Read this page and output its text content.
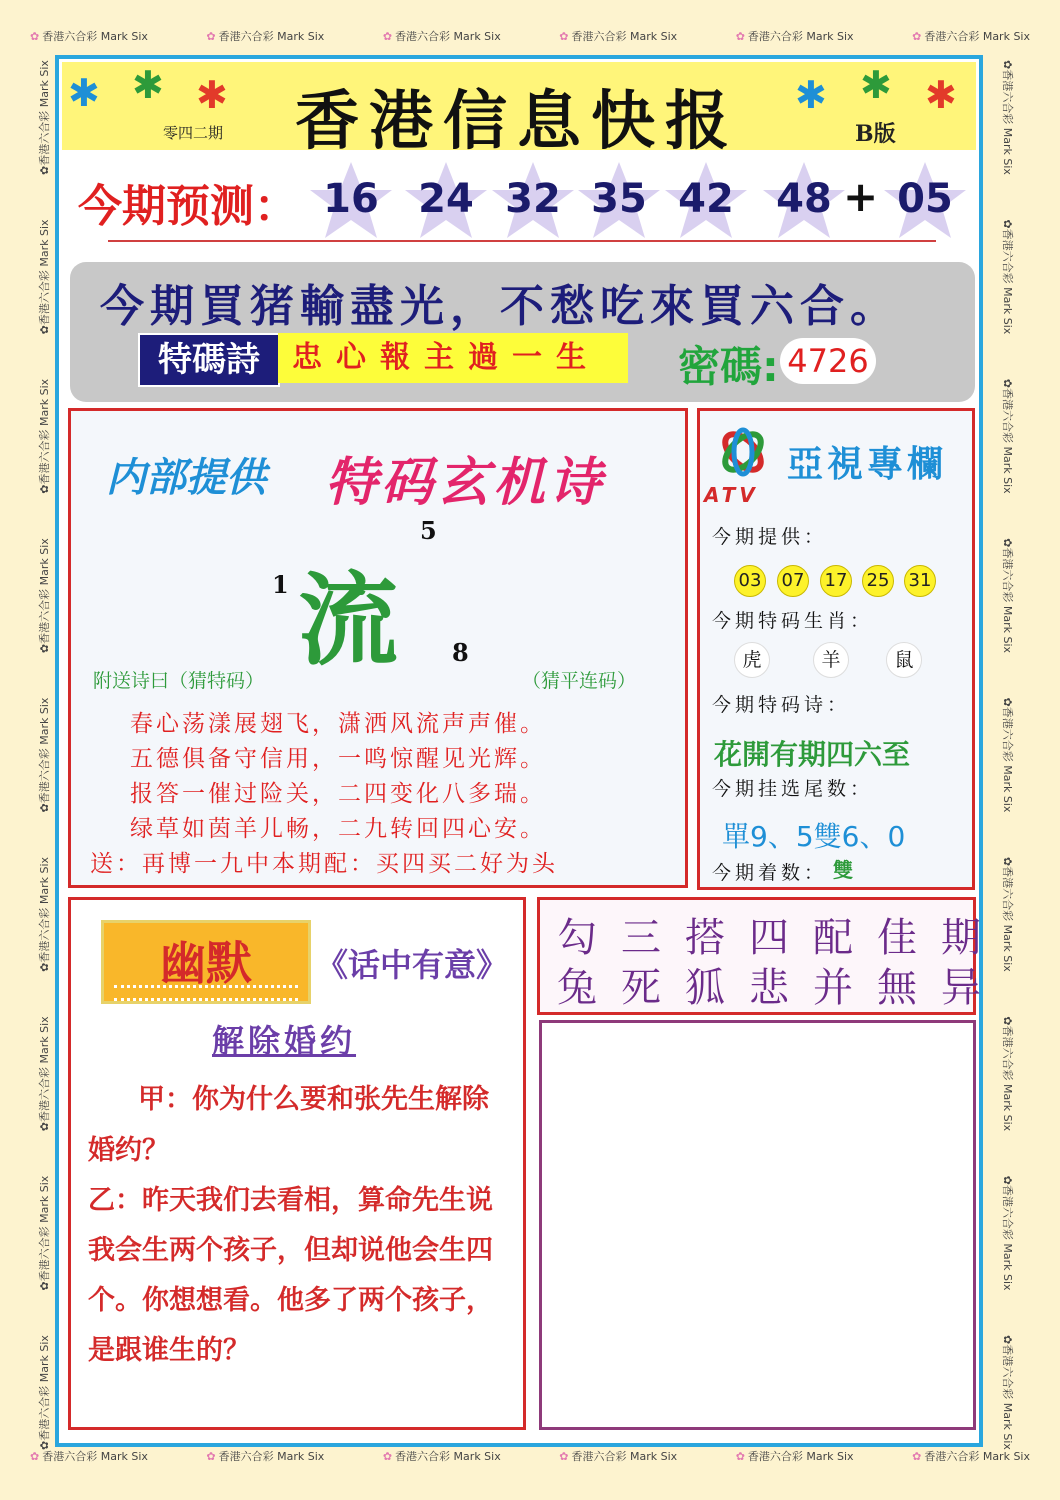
✿ 香港六合彩 Mark Six	✿ 香港六合彩 Mark Six	✿ 香港六合彩 Mark Six	✿ 香港六合彩 Mark Six	✿ 香港六合彩 Mark Six	✿ 香港六合彩 Mark Six
✿ 香港六合彩 Mark Six	✿ 香港六合彩 Mark Six	✿ 香港六合彩 Mark Six	✿ 香港六合彩 Mark Six	✿ 香港六合彩 Mark Six	✿ 香港六合彩 Mark Six
✿香港六合彩 Mark Six
✿香港六合彩 Mark Six
✿香港六合彩 Mark Six
✿香港六合彩 Mark Six
✿香港六合彩 Mark Six
✿香港六合彩 Mark Six
✿香港六合彩 Mark Six
✿香港六合彩 Mark Six
✿香港六合彩 Mark Six	✿香港六合彩 Mark Six
✿香港六合彩 Mark Six
✿香港六合彩 Mark Six
✿香港六合彩 Mark Six
✿香港六合彩 Mark Six
✿香港六合彩 Mark Six
✿香港六合彩 Mark Six
✿香港六合彩 Mark Six
✿香港六合彩 Mark Six
✱ ✱ ✱	✱ ✱ ✱
香港信息快报
零四二期	B版
今期预测： 16 24 32 35 42	48 + 05
今期買猪輸盡光，不愁吃來買六合。
特碼詩	忠心報主過一生	密碼: 4726
内部提供 特码玄机诗
流
1
5
8
附送诗曰（猜特码）	（猜平连码）
春心荡漾展翅飞，潇洒风流声声催。
五德俱备守信用，一鸣惊醒见光辉。
报答一催过险关，二四变化八多瑞。
绿草如茵羊儿畅，二九转回四心安。
送：再博一九中本期配：买四买二好为头
ATV
亞視專欄
今期提供：
03 07 17 25 31
今期特码生肖：
虎	羊	鼠
今期特码诗：
花開有期四六至
今期挂选尾数：
單9、5雙6、0
今期着数： 雙
幽默	《话中有意》
解除婚约
甲：你为什么要和张先生解除
婚约？
乙：昨天我们去看相，算命先生说
我会生两个孩子，但却说他会生四
个。你想想看。他多了两个孩子，
是跟谁生的？
勾三搭四配佳期
兔死狐悲并無异
